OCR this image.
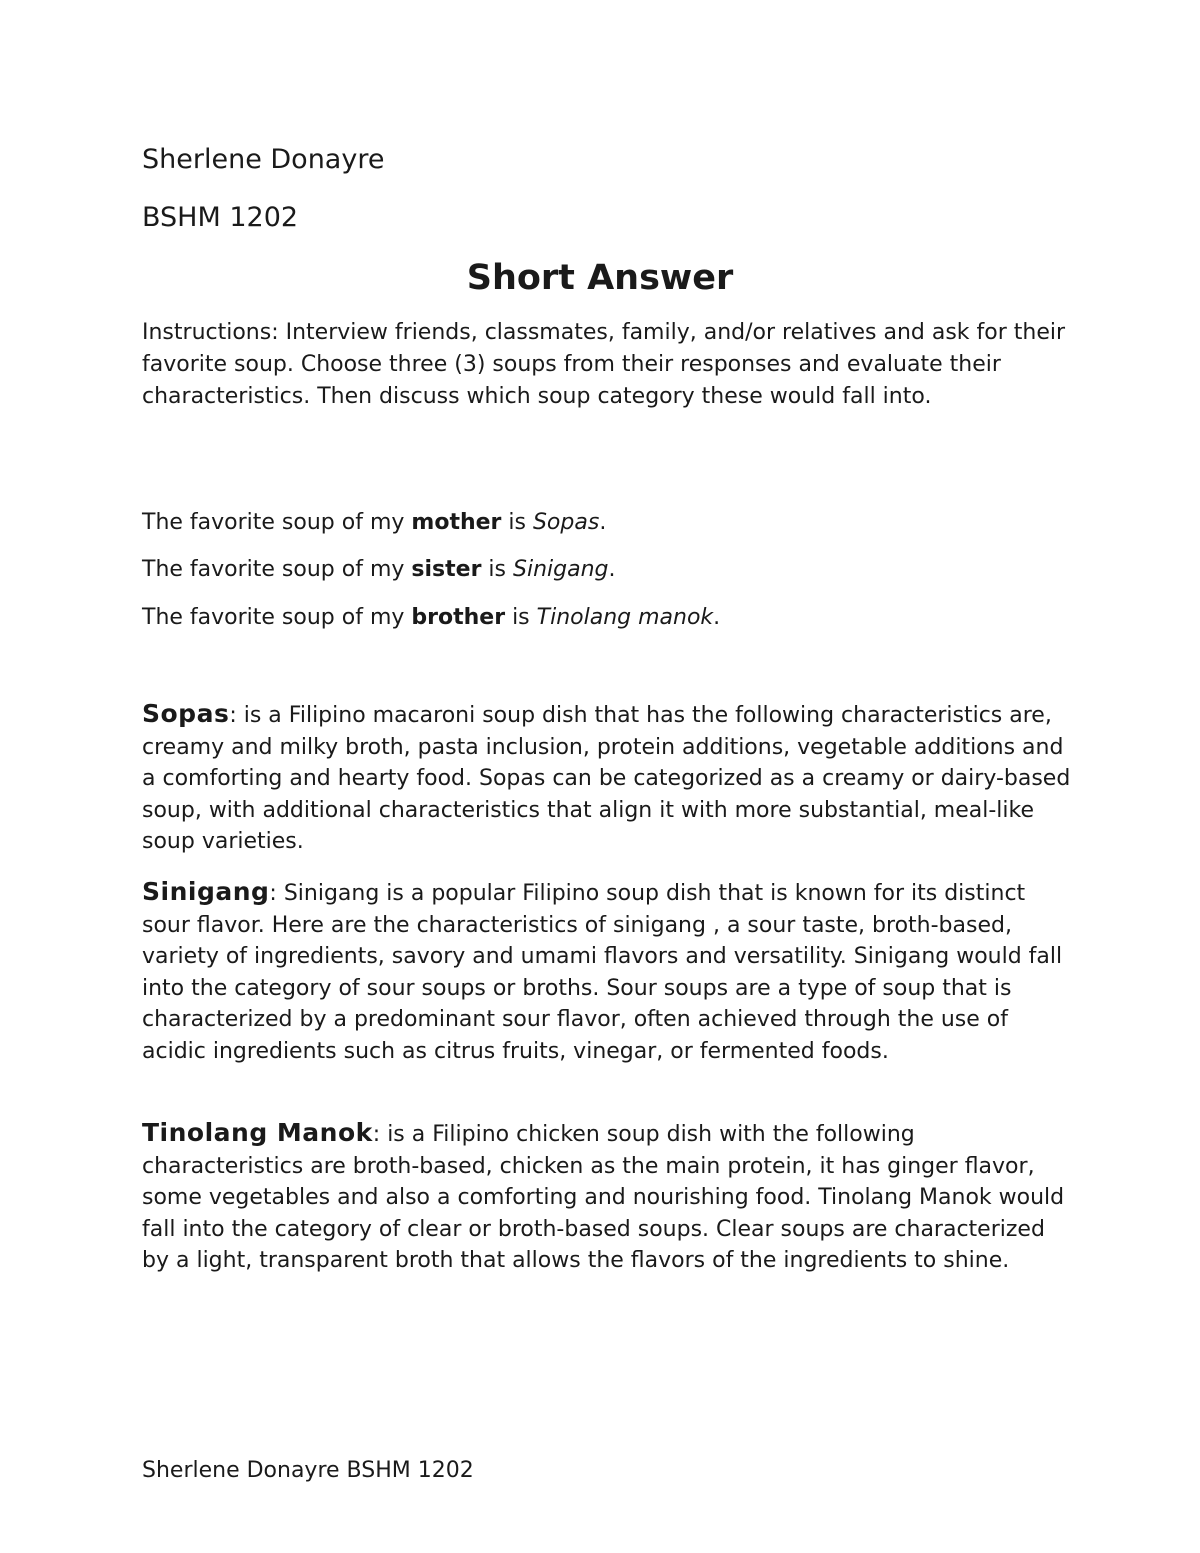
Sherlene Donayre
BSHM 1202
Short Answer
Instructions: Interview friends, classmates, family, and/or relatives and ask for their favorite soup. Choose three (3) soups from their responses and evaluate their characteristics. Then discuss which soup category these would fall into.
The favorite soup of my mother is Sopas.
The favorite soup of my sister is Sinigang.
The favorite soup of my brother is Tinolang manok.
Sopas: is a Filipino macaroni soup dish that has the following characteristics are, creamy and milky broth, pasta inclusion, protein additions, vegetable additions and a comforting and hearty food. Sopas can be categorized as a creamy or dairy-based soup, with additional characteristics that align it with more substantial, meal-like soup varieties.
Sinigang: Sinigang is a popular Filipino soup dish that is known for its distinct sour flavor. Here are the characteristics of sinigang , a sour taste, broth-based, variety of ingredients, savory and umami flavors and versatility. Sinigang would fall into the category of sour soups or broths. Sour soups are a type of soup that is characterized by a predominant sour flavor, often achieved through the use of acidic ingredients such as citrus fruits, vinegar, or fermented foods.
Tinolang Manok: is a Filipino chicken soup dish with the following characteristics are broth-based, chicken as the main protein, it has ginger flavor, some vegetables and also a comforting and nourishing food. Tinolang Manok would fall into the category of clear or broth-based soups. Clear soups are characterized by a light, transparent broth that allows the flavors of the ingredients to shine.
Sherlene Donayre BSHM 1202
